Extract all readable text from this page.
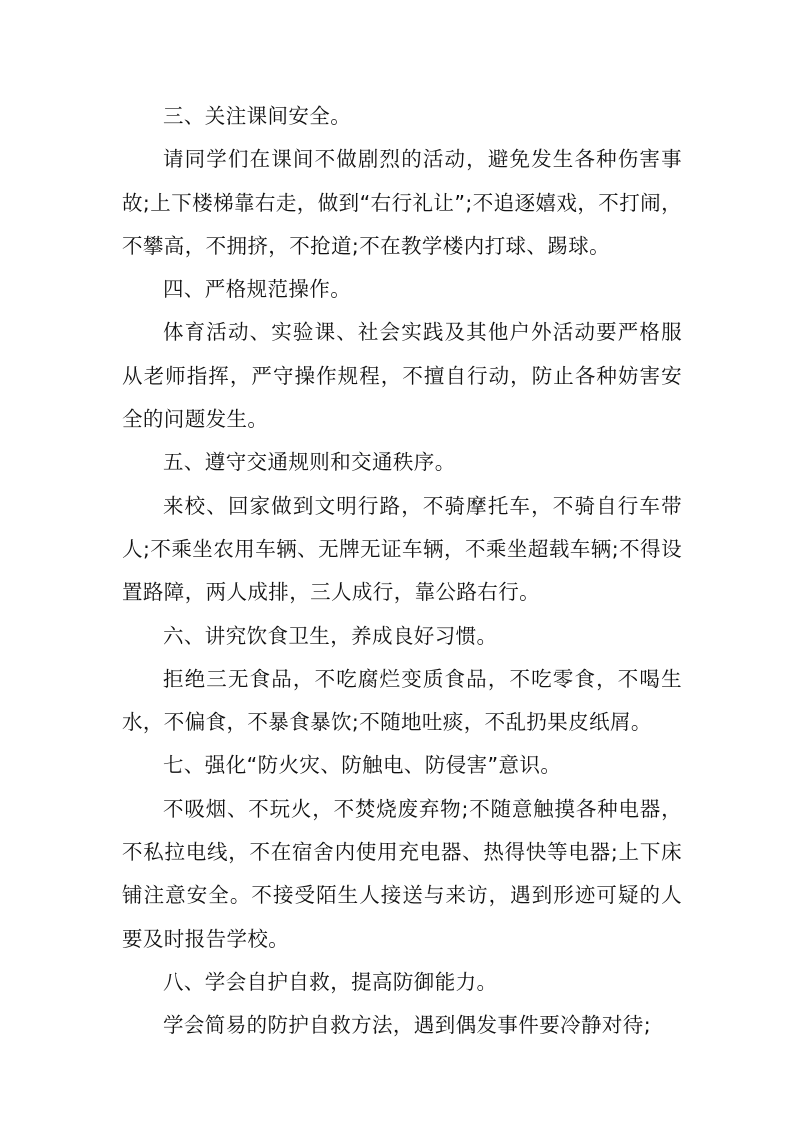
三、关注课间安全。

请同学们在课间不做剧烈的活动，避免发生各种伤害事故;上下楼梯靠右走，做到“右行礼让”;不追逐嬉戏，不打闹，不攀高，不拥挤，不抢道;不在教学楼内打球、踢球。

四、严格规范操作。

体育活动、实验课、社会实践及其他户外活动要严格服从老师指挥，严守操作规程，不擅自行动，防止各种妨害安全的问题发生。

五、遵守交通规则和交通秩序。

来校、回家做到文明行路，不骑摩托车，不骑自行车带人;不乘坐农用车辆、无牌无证车辆，不乘坐超载车辆;不得设置路障，两人成排，三人成行，靠公路右行。

六、讲究饮食卫生，养成良好习惯。

拒绝三无食品，不吃腐烂变质食品，不吃零食，不喝生水，不偏食，不暴食暴饮;不随地吐痰，不乱扔果皮纸屑。

七、强化“防火灾、防触电、防侵害”意识。

不吸烟、不玩火，不焚烧废弃物;不随意触摸各种电器，不私拉电线，不在宿舍内使用充电器、热得快等电器;上下床铺注意安全。不接受陌生人接送与来访，遇到形迹可疑的人要及时报告学校。

八、学会自护自救，提高防御能力。

学会简易的防护自救方法，遇到偶发事件要冷静对待;
